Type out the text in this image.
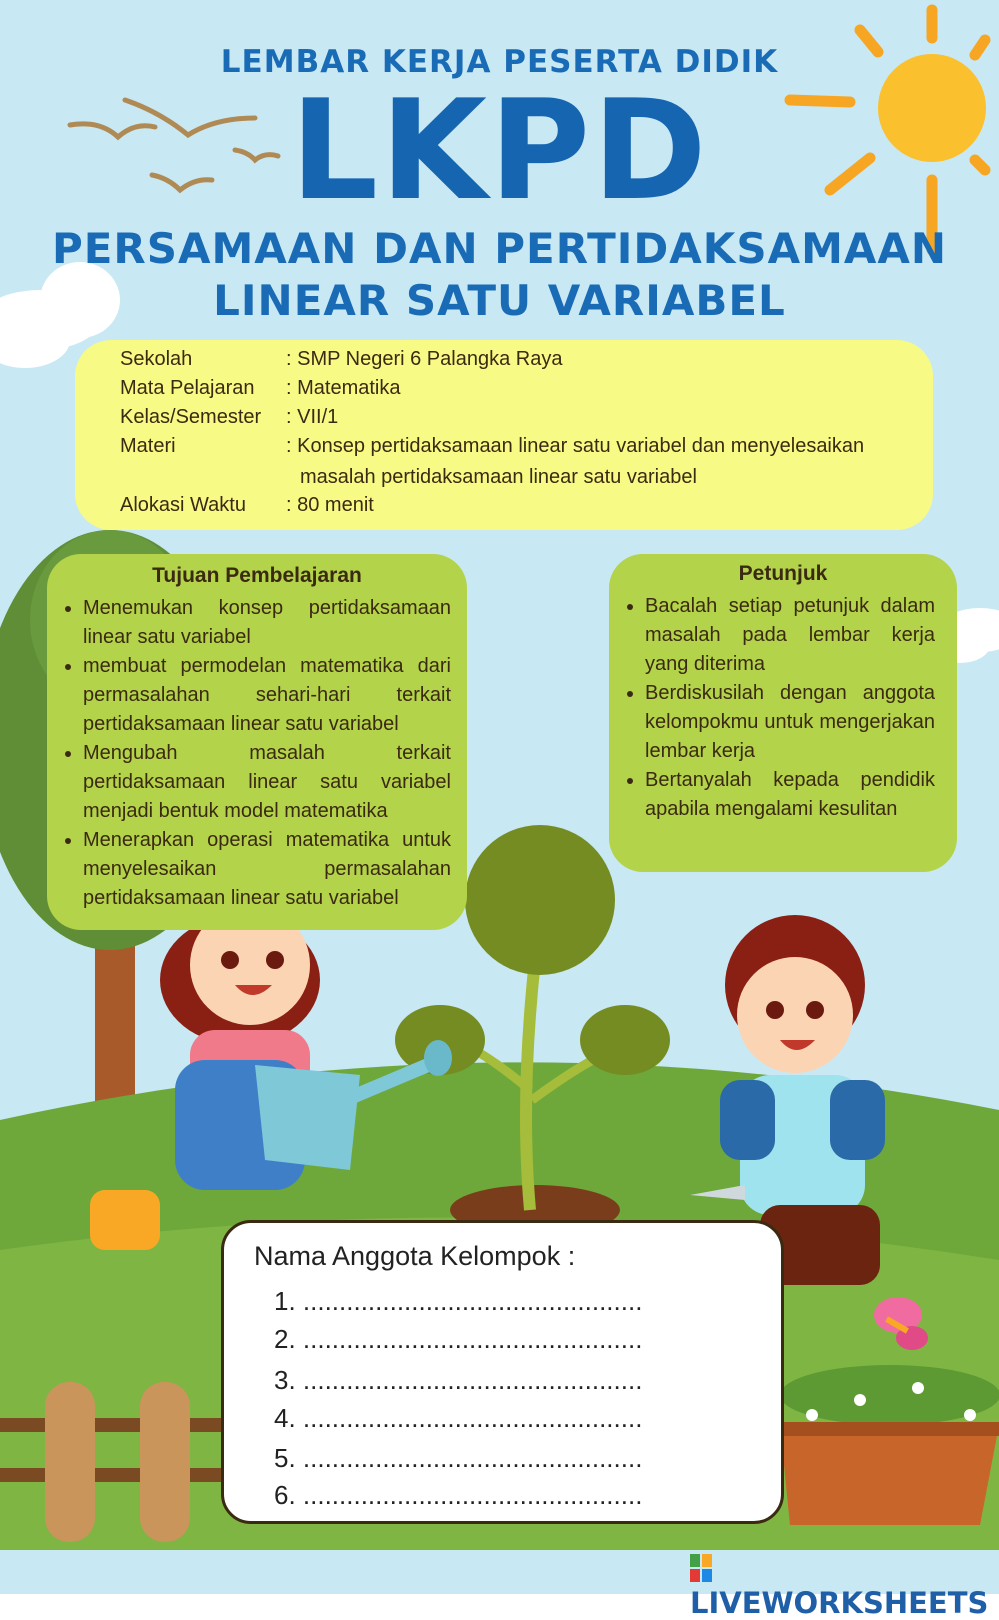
LEMBAR KERJA PESERTA DIDIK
LKPD
PERSAMAAN DAN PERTIDAKSAMAAN
LINEAR SATU VARIABEL
Sekolah	: SMP Negeri 6 Palangka Raya
Mata Pelajaran : Matematika
Kelas/Semester : VII/1
Materi	: Konsep pertidaksamaan linear satu variabel dan menyelesaikan
masalah pertidaksamaan linear satu variabel
Alokasi Waktu : 80 menit
Tujuan Pembelajaran
• Menemukan konsep pertidaksamaan linear satu variabel
• membuat permodelan matematika dari permasalahan sehari-hari terkait pertidaksamaan linear satu variabel
• Mengubah masalah terkait pertidaksamaan linear satu variabel menjadi bentuk model matematika
• Menerapkan operasi matematika untuk menyelesaikan permasalahan pertidaksamaan linear satu variabel
Petunjuk
• Bacalah setiap petunjuk dalam masalah pada lembar kerja yang diterima
• Berdiskusilah dengan anggota kelompokmu untuk mengerjakan lembar kerja
• Bertanyalah kepada pendidik apabila mengalami kesulitan
Nama Anggota Kelompok :
1. ...............................................
2. ...............................................
3. ...............................................
4. ...............................................
5. ...............................................
6. ...............................................
LIVEWORKSHEETS
